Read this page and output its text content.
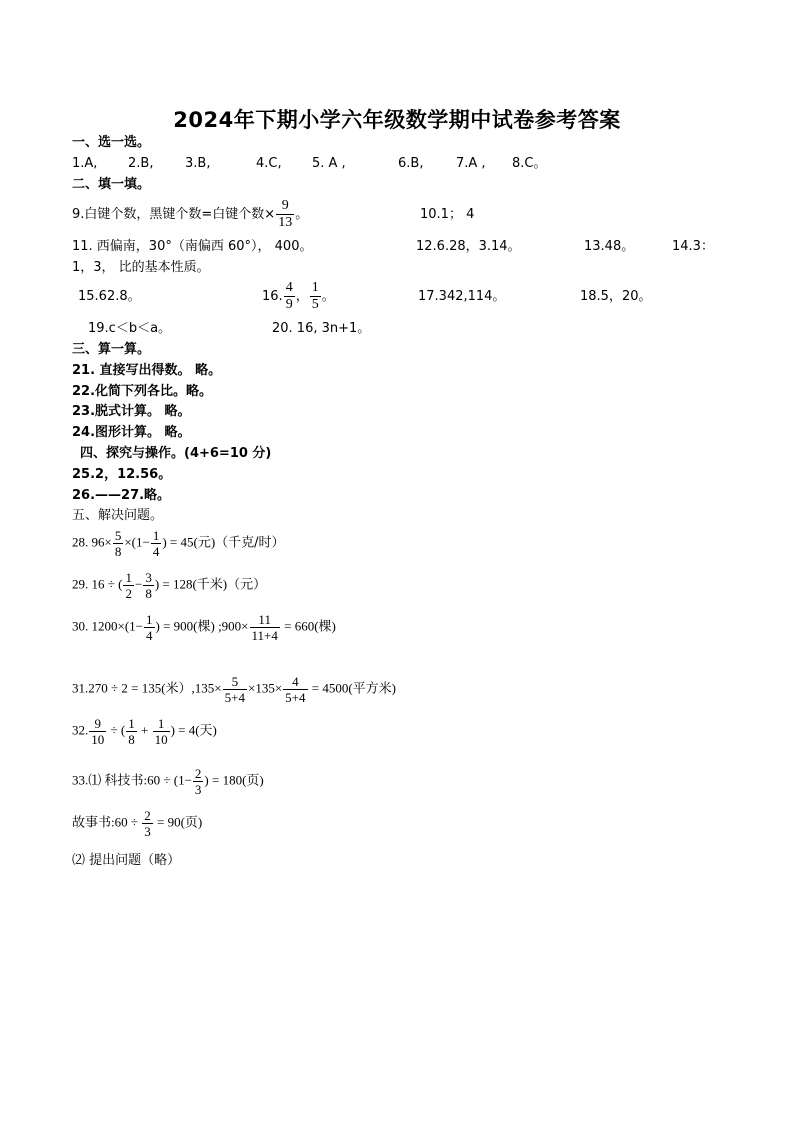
2024年下期小学六年级数学期中试卷参考答案
一、选一选。
1.A, 2.B, 3.B,	4.C, 5. A ,	6.B,	7.A , 8.C。
二、填一填。
9.白键个数，黑键个数=白键个数× $\frac{9}{13}$ 。	10.1； 4
11. 西偏南，30°（南偏西 60°）， 400。	12.6.28，3.14。	13.48。	14.3：
1，3， 比的基本性质。
15.62.8。	16. $\frac{4}{9}$ ， $\frac{1}{5}$ 。	17.342,114。	18.5，20。
19.c＜b＜a。	20. 16, 3n+1。
三、算一算。
21. 直接写出得数。 略。
22.化简下列各比。略。
23.脱式计算。 略。
24.图形计算。 略。
四、探究与操作。(4+6=10 分)
25.2，12.56。
26.——27.略。
五、解决问题。
28. $96\times \frac{5}{8} \times(1- \frac{1}{4}$ ) = 45(元)（千克/时）
29. 16 ÷ ( $\frac{1}{2} - \frac{3}{8}$ ) = 128(千米)（元）
30. $1200\times(1- \frac{1}{4}$ ) = 900(棵) ;900× $\frac{11}{11+4} = 660$(棵)
31.270 ÷ 2 = 135(米）$,135\times \frac{5}{5+4} \times 135\times \frac{4}{5+4} = 4500$(平方米)
32. $\frac{9}{10}$ ÷ ( $\frac{1}{8} + \frac{1}{10}$ ) = 4(天)
33.⑴ 科技书:60 ÷ ($1- \frac{2}{3}$ ) = 180(页)
故事书:60 ÷ $\frac{2}{3} = 90$(页)
⑵ 提出问题（略）
